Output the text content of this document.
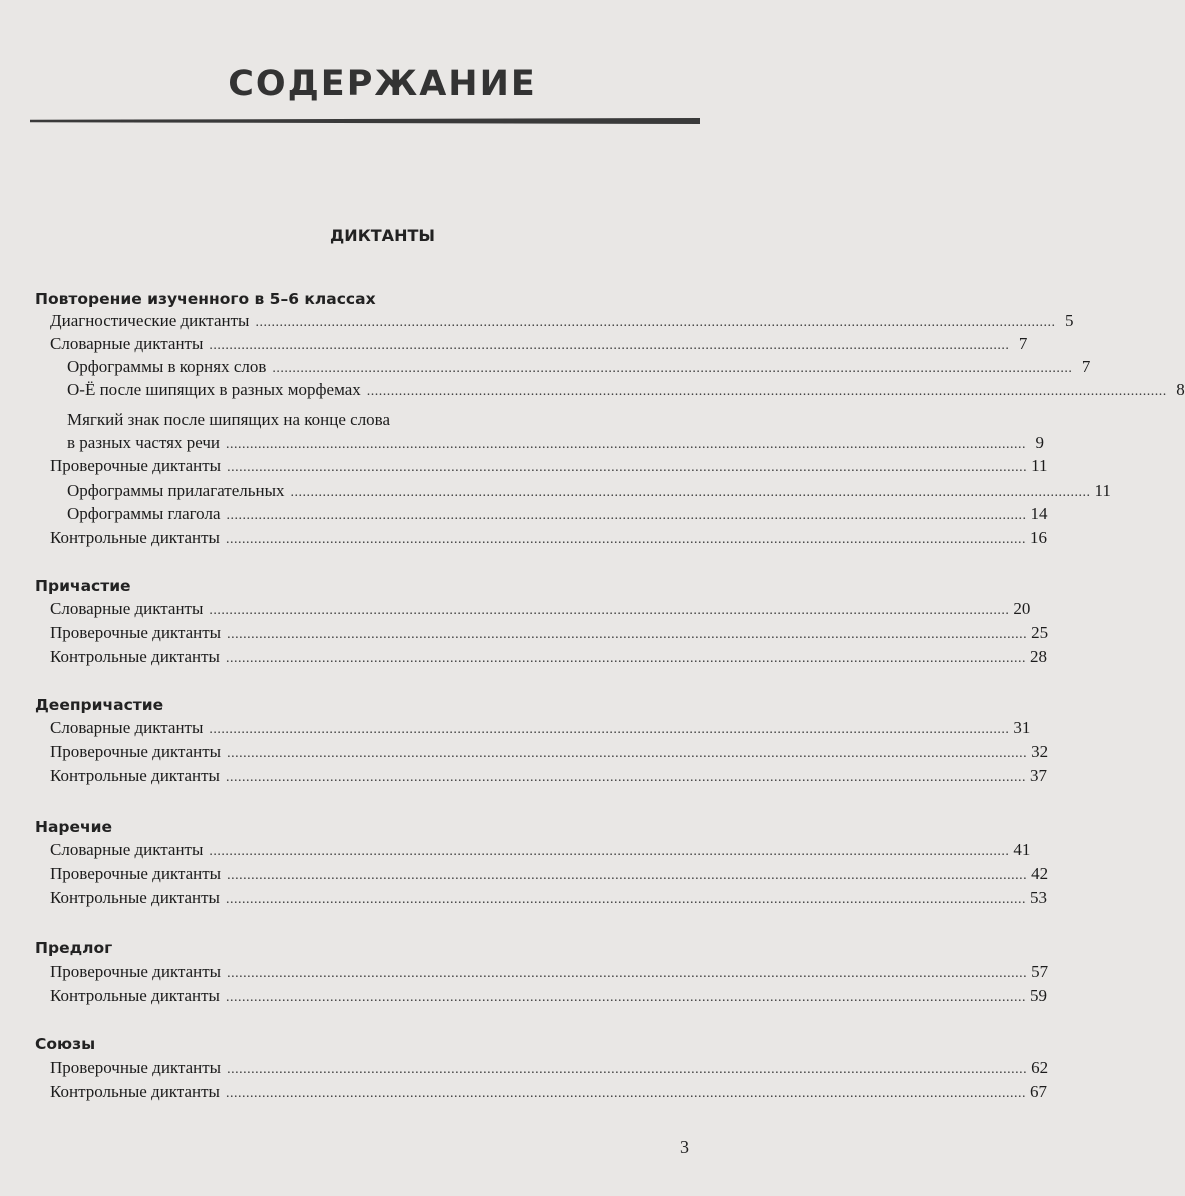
СОДЕРЖАНИЕ
ДИКТАНТЫ
Повторение изученного в 5–6 классах
Причастие
Деепричастие
Наречие
Предлог
Союзы
Диагностические диктанты ........................................................................................................................................................................................................ 5
Словарные диктанты ........................................................................................................................................................................................................ 7
Орфограммы в корнях слов ........................................................................................................................................................................................................ 7
О-Ё после шипящих в разных морфемах ........................................................................................................................................................................................................ 8
Мягкий знак после шипящих на конце слова
в разных частях речи ........................................................................................................................................................................................................ 9
Проверочные диктанты ........................................................................................................................................................................................................ 11
Орфограммы прилагательных ........................................................................................................................................................................................................ 11
Орфограммы глагола ........................................................................................................................................................................................................ 14
Контрольные диктанты ........................................................................................................................................................................................................ 16
Словарные диктанты ........................................................................................................................................................................................................ 20
Проверочные диктанты ........................................................................................................................................................................................................ 25
Контрольные диктанты ........................................................................................................................................................................................................ 28
Словарные диктанты ........................................................................................................................................................................................................ 31
Проверочные диктанты ........................................................................................................................................................................................................ 32
Контрольные диктанты ........................................................................................................................................................................................................ 37
Словарные диктанты ........................................................................................................................................................................................................ 41
Проверочные диктанты ........................................................................................................................................................................................................ 42
Контрольные диктанты ........................................................................................................................................................................................................ 53
Проверочные диктанты ........................................................................................................................................................................................................ 57
Контрольные диктанты ........................................................................................................................................................................................................ 59
Проверочные диктанты ........................................................................................................................................................................................................ 62
Контрольные диктанты ........................................................................................................................................................................................................ 67
3
